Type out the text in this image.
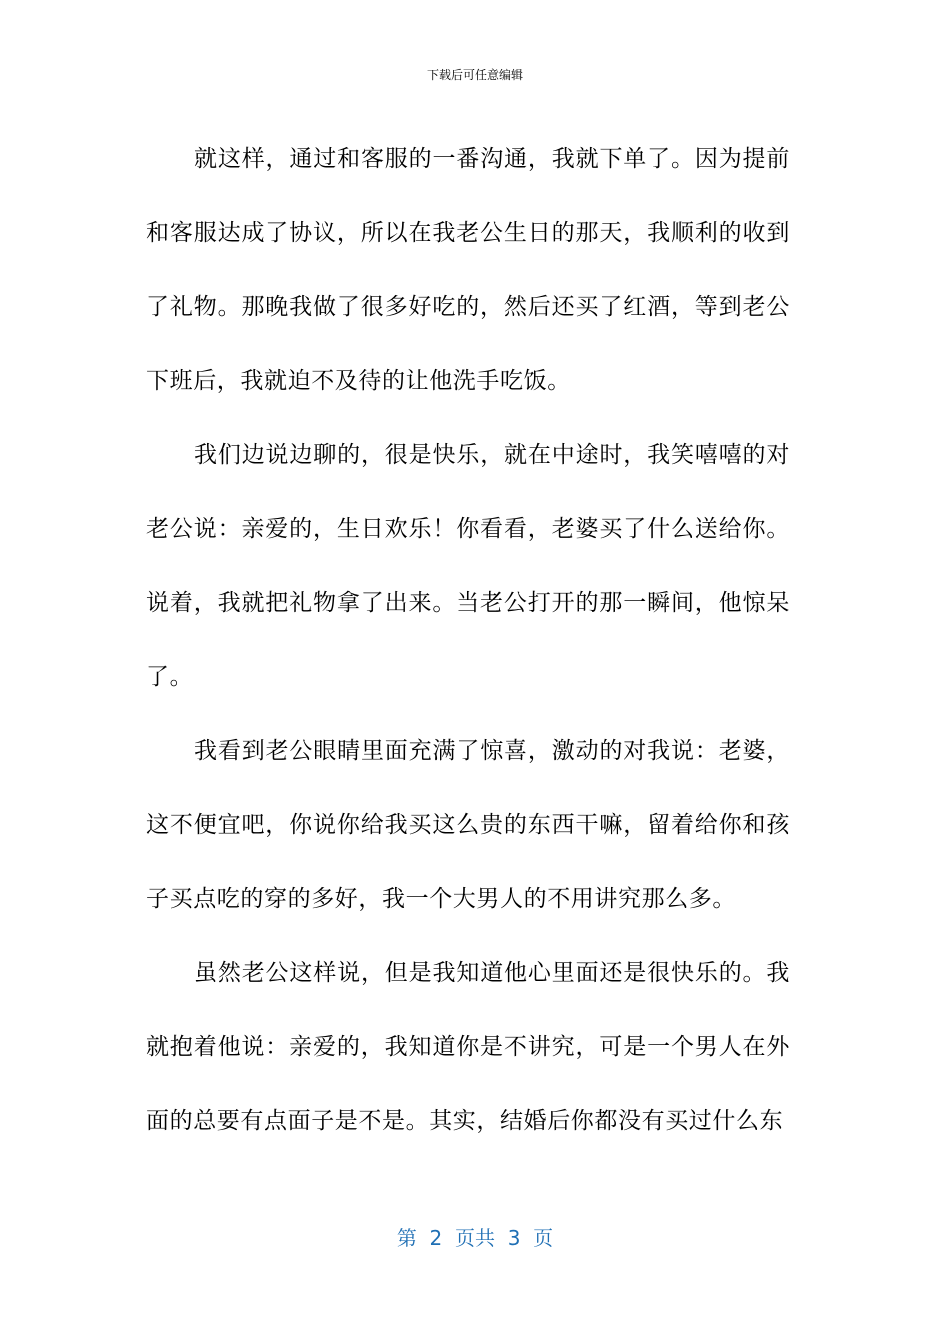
下载后可任意编辑

就这样，通过和客服的一番沟通，我就下单了。因为提前和客服达成了协议，所以在我老公生日的那天，我顺利的收到了礼物。那晚我做了很多好吃的，然后还买了红酒，等到老公下班后，我就迫不及待的让他洗手吃饭。

我们边说边聊的，很是快乐，就在中途时，我笑嘻嘻的对老公说：亲爱的，生日欢乐！你看看，老婆买了什么送给你。说着，我就把礼物拿了出来。当老公打开的那一瞬间，他惊呆了。

我看到老公眼睛里面充满了惊喜，激动的对我说：老婆，这不便宜吧，你说你给我买这么贵的东西干嘛，留着给你和孩子买点吃的穿的多好，我一个大男人的不用讲究那么多。

虽然老公这样说，但是我知道他心里面还是很快乐的。我就抱着他说：亲爱的，我知道你是不讲究，可是一个男人在外面的总要有点面子是不是。其实，结婚后你都没有买过什么东

第  2  页共  3  页
